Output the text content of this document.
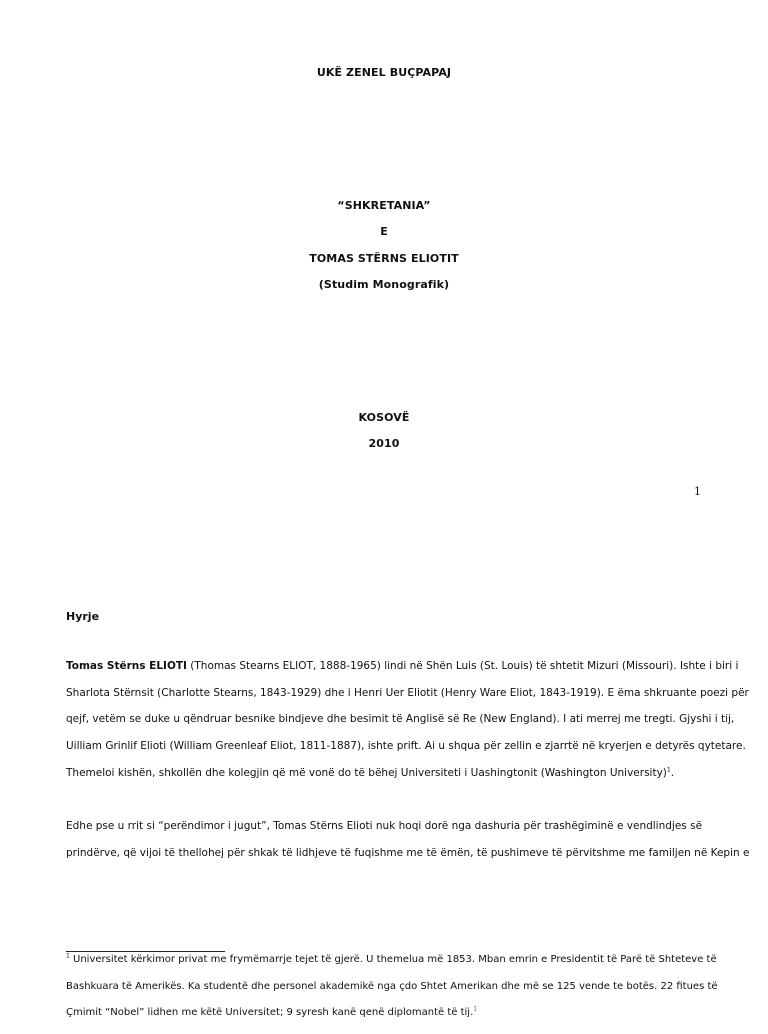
UKË ZENEL BUÇPAPAJ
“SHKRETANIA”
E
TOMAS STËRNS ELIOTIT
(Studim Monografik)
KOSOVË
2010
1
Hyrje
Tomas Stërns ELIOTI (Thomas Stearns ELIOT, 1888-1965) lindi në Shën Luis (St. Louis) të shtetit Mizuri (Missouri). Ishte i biri i
Sharlota Stërnsit (Charlotte Stearns, 1843-1929) dhe i Henri Uer Eliotit (Henry Ware Eliot, 1843-1919). E ëma shkruante poezi për
qejf, vetëm se duke u qëndruar besnike bindjeve dhe besimit të Anglisë së Re (New England). I ati merrej me tregti. Gjyshi i tij,
Uilliam Grinlif Elioti (William Greenleaf Eliot, 1811-1887), ishte prift. Ai u shqua për zellin e zjarrtë në kryerjen e detyrës qytetare.
Themeloi kishën, shkollën dhe kolegjin që më vonë do të bëhej Universiteti i Uashingtonit (Washington University)$^1$.
Edhe pse u rrit si “perëndimor i jugut”, Tomas Stërns Elioti nuk hoqi dorë nga dashuria për trashëgiminë e vendlindjes së
prindërve, që vijoi të thellohej për shkak të lidhjeve të fuqishme me të ëmën, të pushimeve të përvitshme me familjen në Kepin e
$^1$ Universitet kërkimor privat me frymëmarrje tejet të gjerë. U themelua më 1853. Mban emrin e Presidentit të Parë të Shteteve të
Bashkuara të Amerikës. Ka studentë dhe personel akademikë nga çdo Shtet Amerikan dhe më se 125 vende te botës. 22 fitues të
Çmimit “Nobel” lidhen me këtë Universitet; 9 syresh kanë qenë diplomantë të tij.$^1$
